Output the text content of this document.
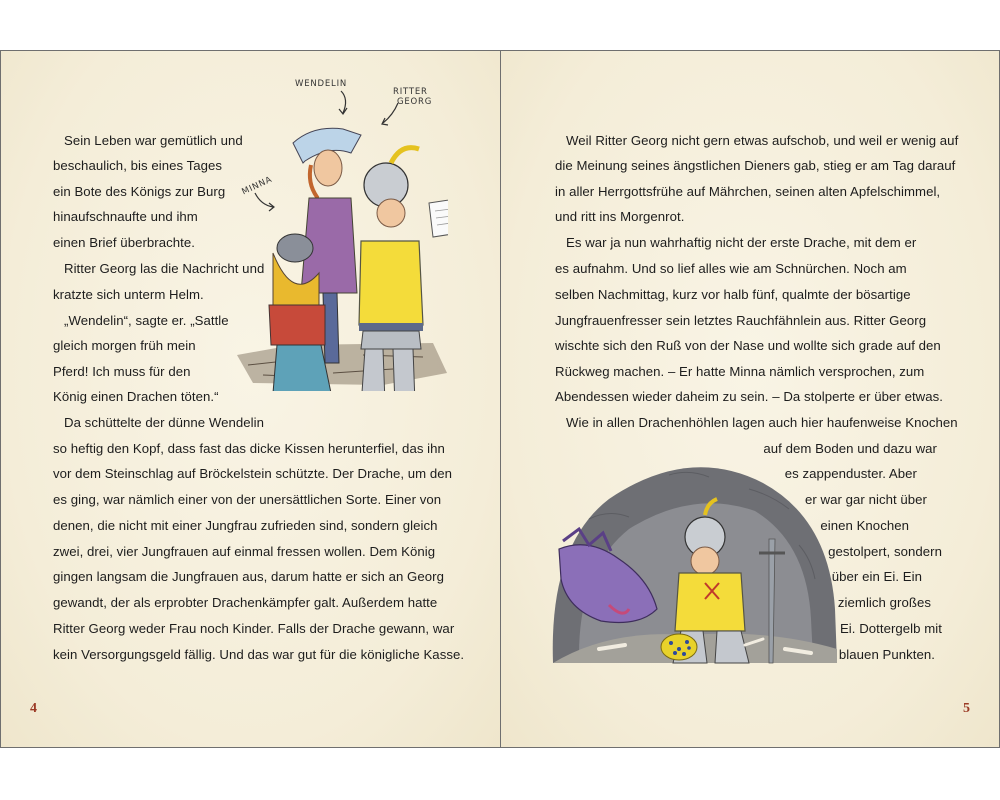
Sein Leben war gemütlich und
beschaulich, bis eines Tages
ein Bote des Königs zur Burg
hinaufschnaufte und ihm
einen Brief überbrachte.
Ritter Georg las die Nachricht und
kratzte sich unterm Helm.
„Wendelin“, sagte er. „Sattle
gleich morgen früh mein
Pferd! Ich muss für den
König einen Drachen töten.“
Da schüttelte der dünne Wendelin
so heftig den Kopf, dass fast das dicke Kissen herunterfiel, das ihn
vor dem Steinschlag auf Bröckelstein schützte. Der Drache, um den
es ging, war nämlich einer von der unersättlichen Sorte. Einer von
denen, die nicht mit einer Jungfrau zufrieden sind, sondern gleich
zwei, drei, vier Jungfrauen auf einmal fressen wollen. Dem König
gingen langsam die Jungfrauen aus, darum hatte er sich an Georg
gewandt, der als erprobter Drachenkämpfer galt. Außerdem hatte
Ritter Georg weder Frau noch Kinder. Falls der Drache gewann, war
kein Versorgungsgeld fällig. Und das war gut für die königliche Kasse.
4
WENDELIN
RITTER
GEORG
MINNA
Weil Ritter Georg nicht gern etwas aufschob, und weil er wenig auf
die Meinung seines ängstlichen Dieners gab, stieg er am Tag darauf
in aller Herrgottsfrühe auf Mährchen, seinen alten Apfelschimmel,
und ritt ins Morgenrot.
Es war ja nun wahrhaftig nicht der erste Drache, mit dem er
es aufnahm. Und so lief alles wie am Schnürchen. Noch am
selben Nachmittag, kurz vor halb fünf, qualmte der bösartige
Jungfrauenfresser sein letztes Rauchfähnlein aus. Ritter Georg
wischte sich den Ruß von der Nase und wollte sich grade auf den
Rückweg machen. – Er hatte Minna nämlich versprochen, zum
Abendessen wieder daheim zu sein. – Da stolperte er über etwas.
Wie in allen Drachenhöhlen lagen auch hier haufenweise Knochen
auf dem Boden und dazu war
es zappenduster. Aber
er war gar nicht über
einen Knochen
gestolpert, sondern
über ein Ei. Ein
ziemlich großes
Ei. Dottergelb mit
blauen Punkten.
5
